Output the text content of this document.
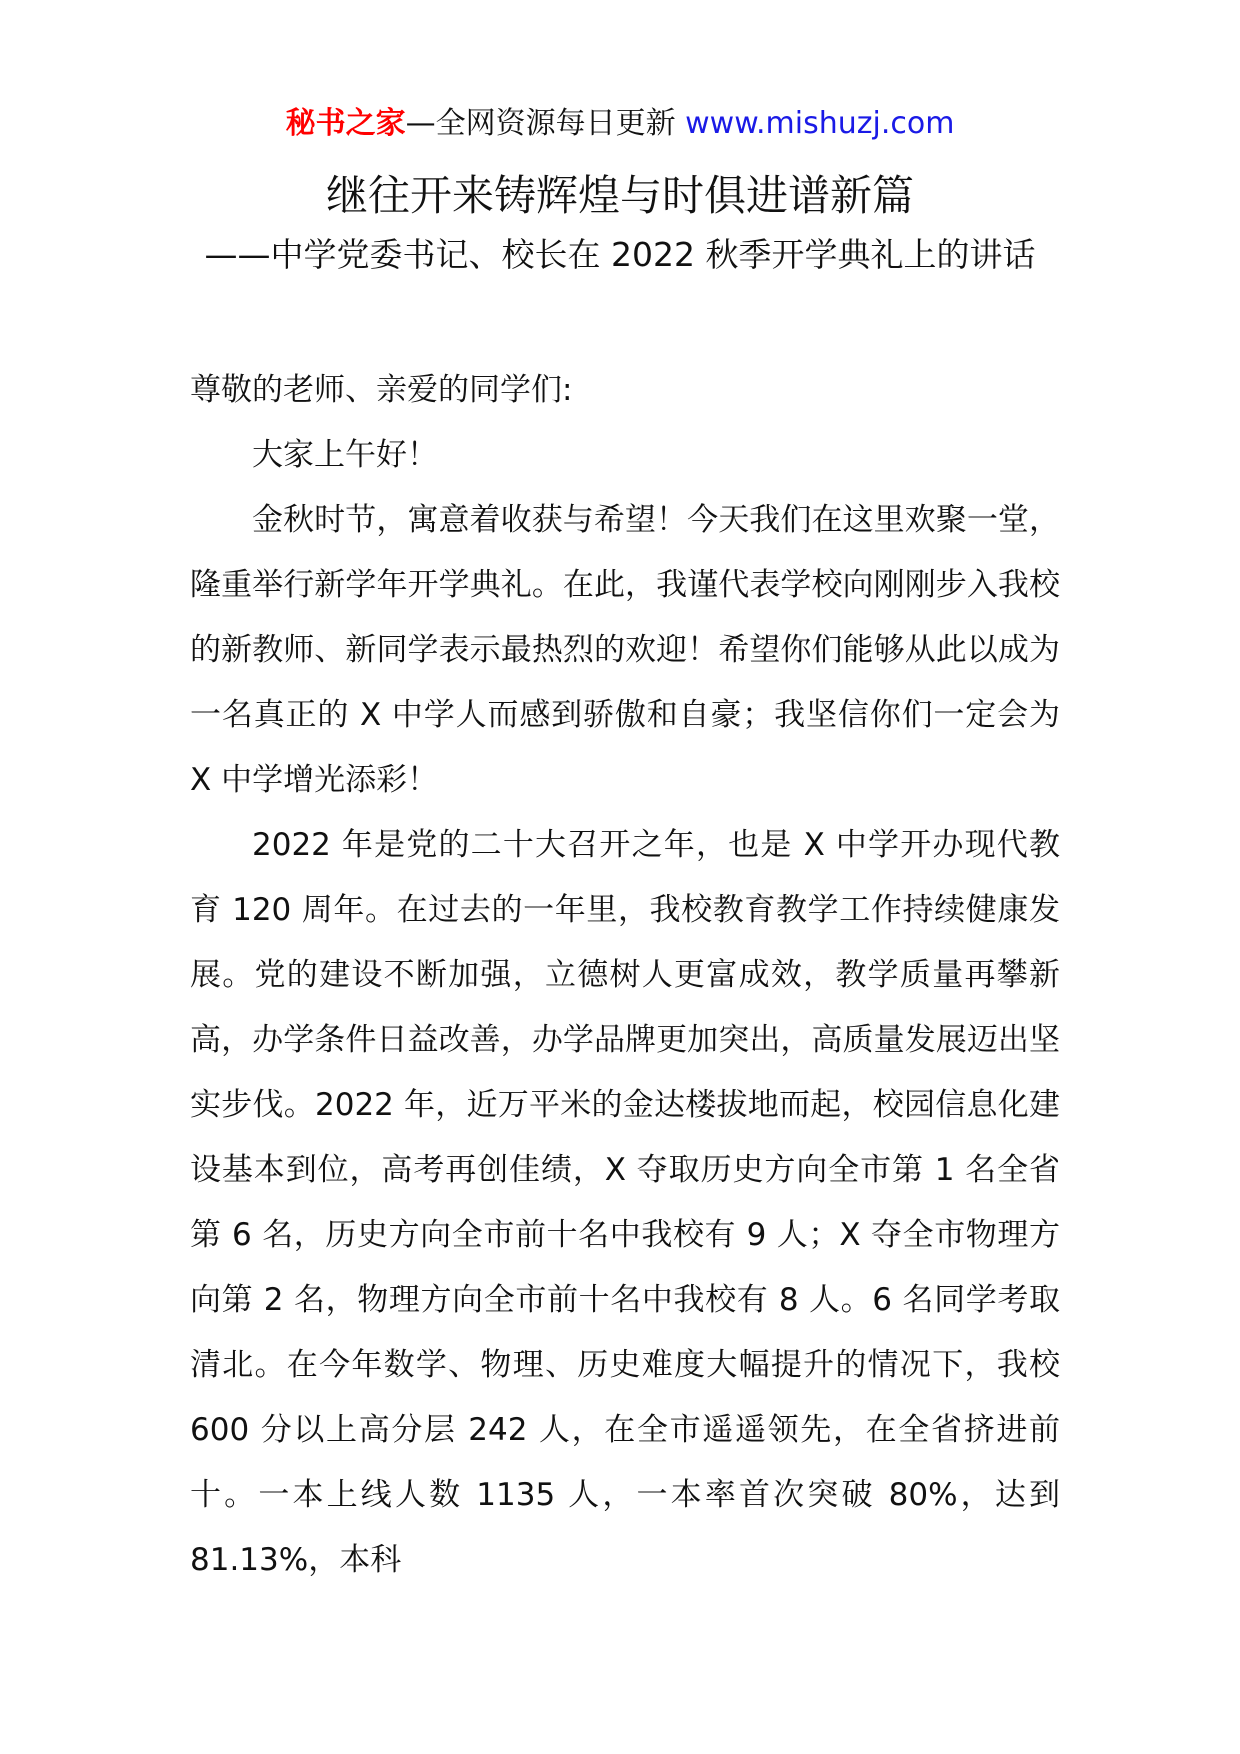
秘书之家—全网资源每日更新 www.mishuzj.com
继往开来铸辉煌与时俱进谱新篇
——中学党委书记、校长在 2022 秋季开学典礼上的讲话

尊敬的老师、亲爱的同学们:

大家上午好！

金秋时节，寓意着收获与希望！今天我们在这里欢聚一堂，隆重举行新学年开学典礼。在此，我谨代表学校向刚刚步入我校的新教师、新同学表示最热烈的欢迎！希望你们能够从此以成为一名真正的 X 中学人而感到骄傲和自豪；我坚信你们一定会为 X 中学增光添彩！

2022 年是党的二十大召开之年，也是 X 中学开办现代教育 120 周年。在过去的一年里，我校教育教学工作持续健康发展。党的建设不断加强，立德树人更富成效，教学质量再攀新高，办学条件日益改善，办学品牌更加突出，高质量发展迈出坚实步伐。2022 年，近万平米的金达楼拔地而起，校园信息化建设基本到位，高考再创佳绩，X 夺取历史方向全市第 1 名全省第 6 名，历史方向全市前十名中我校有 9 人；X 夺全市物理方向第 2 名，物理方向全市前十名中我校有 8 人。6 名同学考取清北。在今年数学、物理、历史难度大幅提升的情况下，我校 600 分以上高分层 242 人，在全市遥遥领先，在全省挤进前十。一本上线人数 1135 人，一本率首次突破 80%，达到 81.13%，本科
